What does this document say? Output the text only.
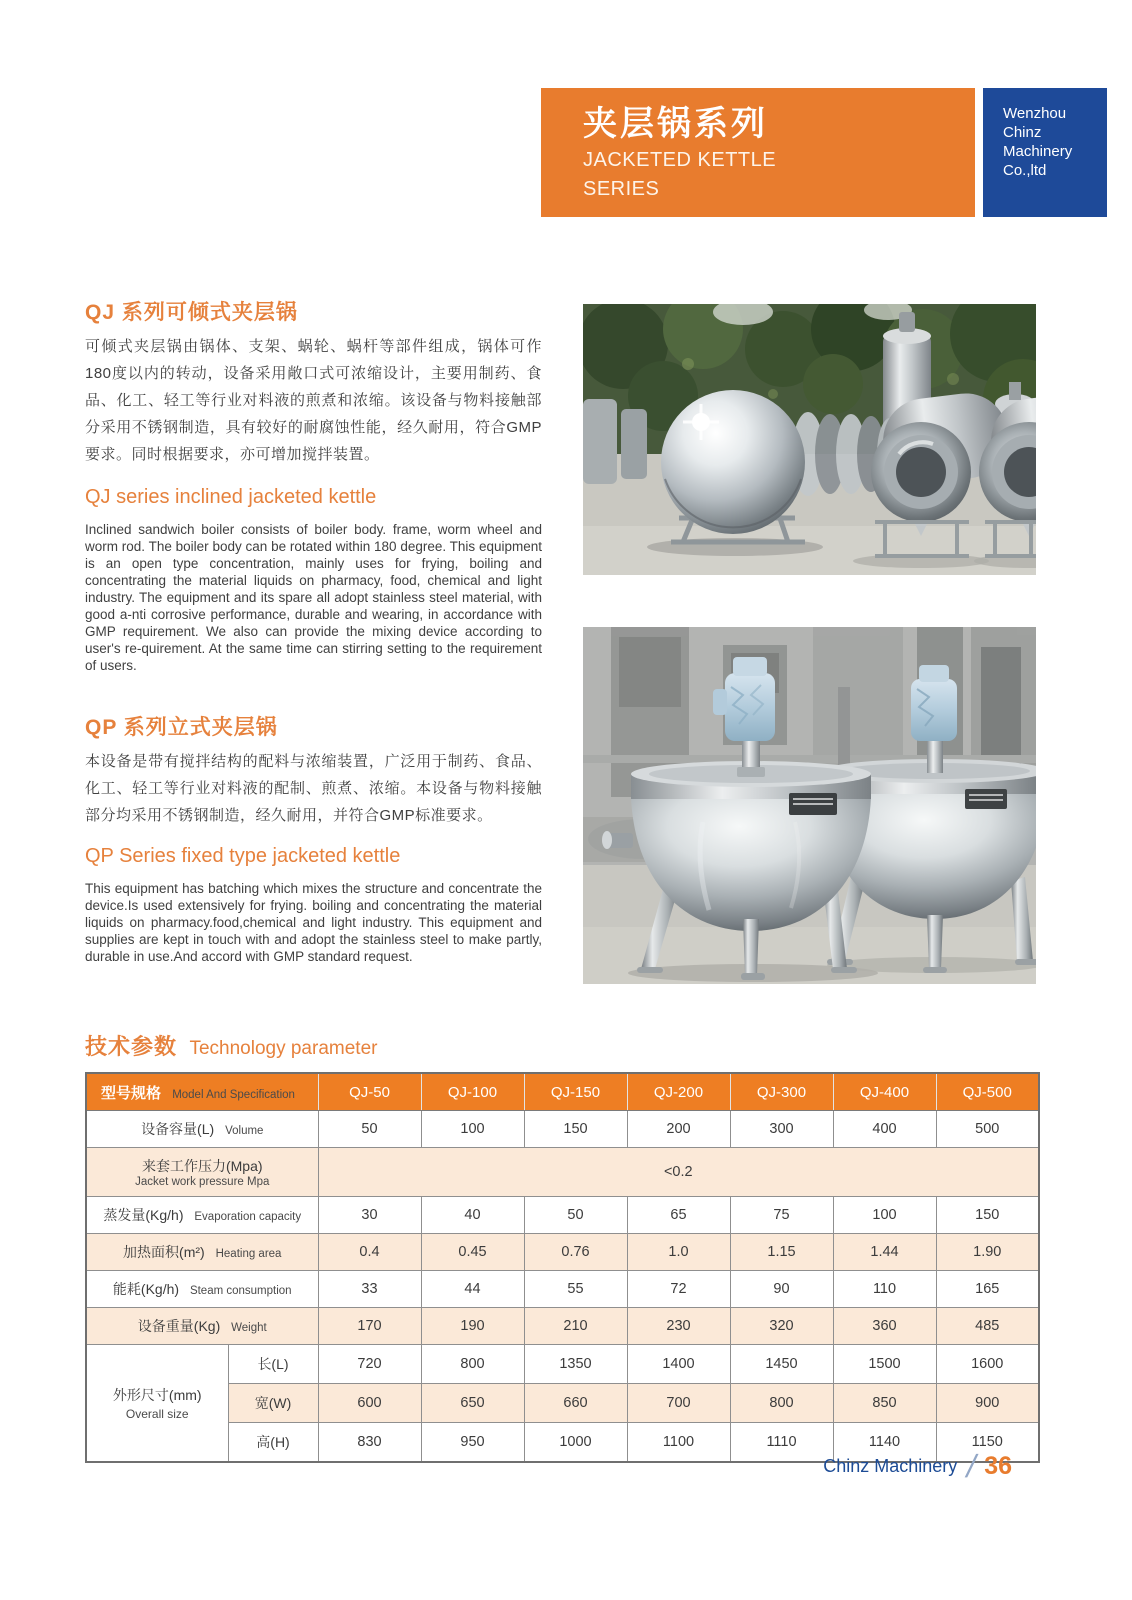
夹层锅系列
JACKETED KETTLE
SERIES
Wenzhou
Chinz
Machinery
Co.,ltd
QJ 系列可倾式夹层锅
可倾式夹层锅由锅体、支架、蜗轮、蜗杆等部件组成，锅体可作180度以内的转动，设备采用敞口式可浓缩设计，主要用制药、食品、化工、轻工等行业对料液的煎煮和浓缩。该设备与物料接触部分采用不锈钢制造，具有较好的耐腐蚀性能，经久耐用，符合GMP要求。同时根据要求，亦可增加搅拌装置。
QJ series inclined jacketed kettle
Inclined sandwich boiler consists of boiler body. frame, worm wheel and worm rod. The boiler body can be rotated within 180 degree. This equipment is an open type concentration, mainly uses for frying, boiling and concentrating the material liquids on pharmacy, food, chemical and light industry. The equipment and its spare all adopt stainless steel material, with good a-nti corrosive performance, durable and wearing, in accordance with GMP requirement. We also can provide the mixing device according to user's re-quirement. At the same time can stirring setting to the requirement of users.
QP 系列立式夹层锅
本设备是带有搅拌结构的配料与浓缩装置，广泛用于制药、食品、化工、轻工等行业对料液的配制、煎煮、浓缩。本设备与物料接触部分均采用不锈钢制造，经久耐用，并符合GMP标准要求。
QP Series fixed type jacketed kettle
This equipment has batching which mixes the structure and concentrate the device.Is used extensively for frying. boiling and concentrating the material liquids on pharmacy.food,chemical and light industry. This equipment and supplies are kept in touch with and adopt the stainless steel to make partly, durable in use.And accord with GMP standard request.
技术参数 Technology parameter
型号规格 Model And Specification		QJ-50	QJ-100	QJ-150	QJ-200	QJ-300	QJ-400	QJ-500
设备容量(L) Volume		50	100	150	200	300	400	500
来套工作压力(Mpa)
Jacket work pressure Mpa		<0.2						
蒸发量(Kg/h) Evaporation capacity		30	40	50	65	75	100	150
加热面积(m²) Heating area		0.4	0.45	0.76	1.0	1.15	1.44	1.90
能耗(Kg/h) Steam consumption		33	44	55	72	90	110	165
设备重量(Kg) Weight		170	190	210	230	320	360	485

外形尺寸(mm)
Overall size	长(L)	720	800	1350	1400	1450	1500	1600
	宽(W)	600	650	660	700	800	850	900
	高(H)	830	950	1000	1100	1110	1140	1150
Chinz Machinery / 36
